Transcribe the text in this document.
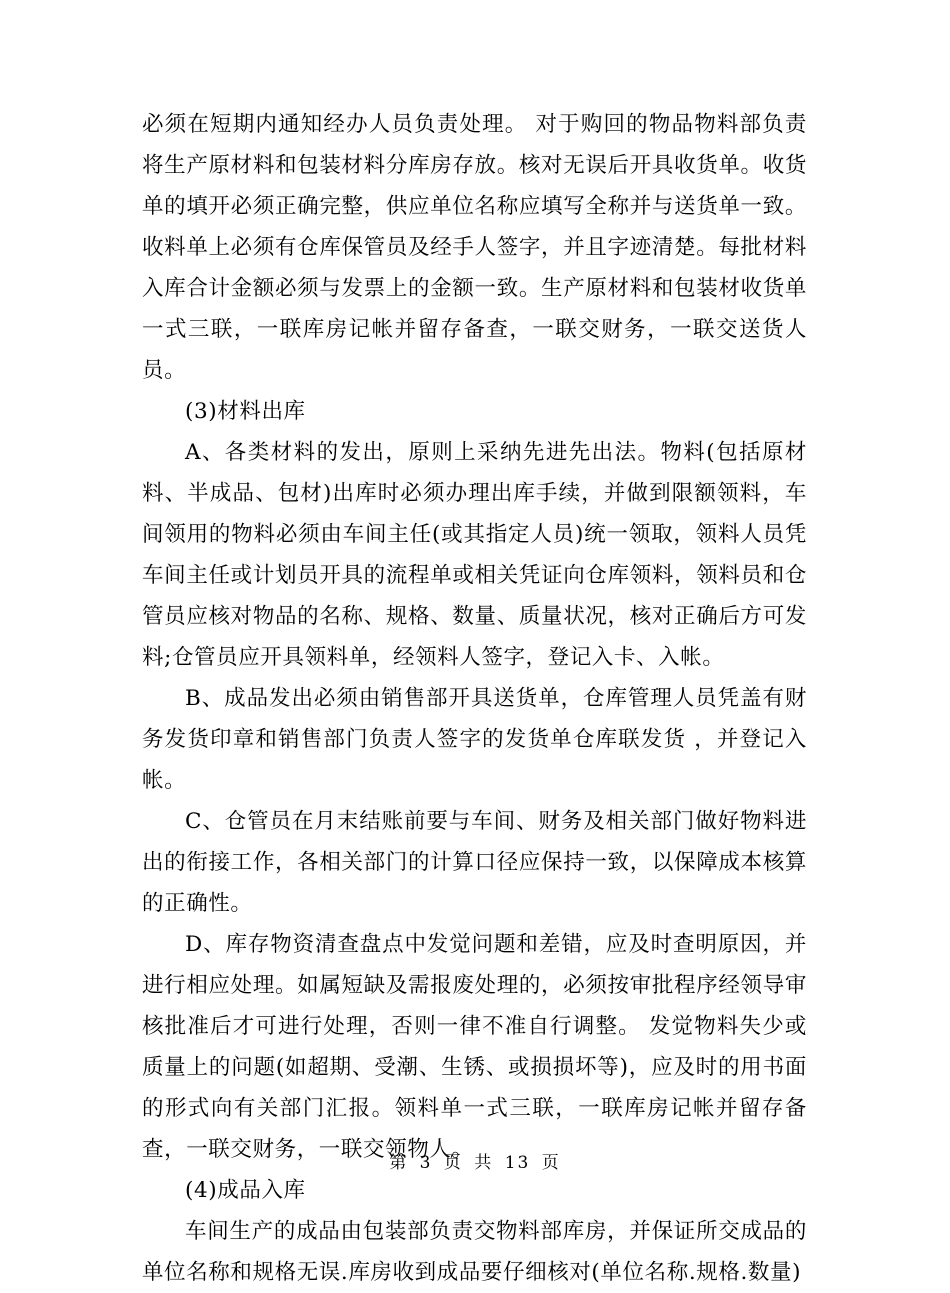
必须在短期内通知经办人员负责处理。 对于购回的物品物料部负责将生产原材料和包装材料分库房存放。核对无误后开具收货单。收货单的填开必须正确完整，供应单位名称应填写全称并与送货单一致。收料单上必须有仓库保管员及经手人签字，并且字迹清楚。每批材料入库合计金额必须与发票上的金额一致。生产原材料和包装材收货单一式三联，一联库房记帐并留存备查，一联交财务，一联交送货人员。

(3)材料出库

A、各类材料的发出，原则上采纳先进先出法。物料(包括原材料、半成品、包材)出库时必须办理出库手续，并做到限额领料，车间领用的物料必须由车间主任(或其指定人员)统一领取，领料人员凭车间主任或计划员开具的流程单或相关凭证向仓库领料，领料员和仓管员应核对物品的名称、规格、数量、质量状况，核对正确后方可发料;仓管员应开具领料单，经领料人签字，登记入卡、入帐。

B、成品发出必须由销售部开具送货单，仓库管理人员凭盖有财务发货印章和销售部门负责人签字的发货单仓库联发货 ，并登记入帐。

C、仓管员在月末结账前要与车间、财务及相关部门做好物料进出的衔接工作，各相关部门的计算口径应保持一致，以保障成本核算的正确性。

D、库存物资清查盘点中发觉问题和差错，应及时查明原因，并进行相应处理。如属短缺及需报废处理的，必须按审批程序经领导审核批准后才可进行处理，否则一律不准自行调整。 发觉物料失少或质量上的问题(如超期、受潮、生锈、或损损坏等)，应及时的用书面的形式向有关部门汇报。领料单一式三联，一联库房记帐并留存备查，一联交财务，一联交领物人。

(4)成品入库

车间生产的成品由包装部负责交物料部库房，并保证所交成品的单位名称和规格无误.库房收到成品要仔细核对(单位名称.规格.数量)

第 3 页 共 13 页
